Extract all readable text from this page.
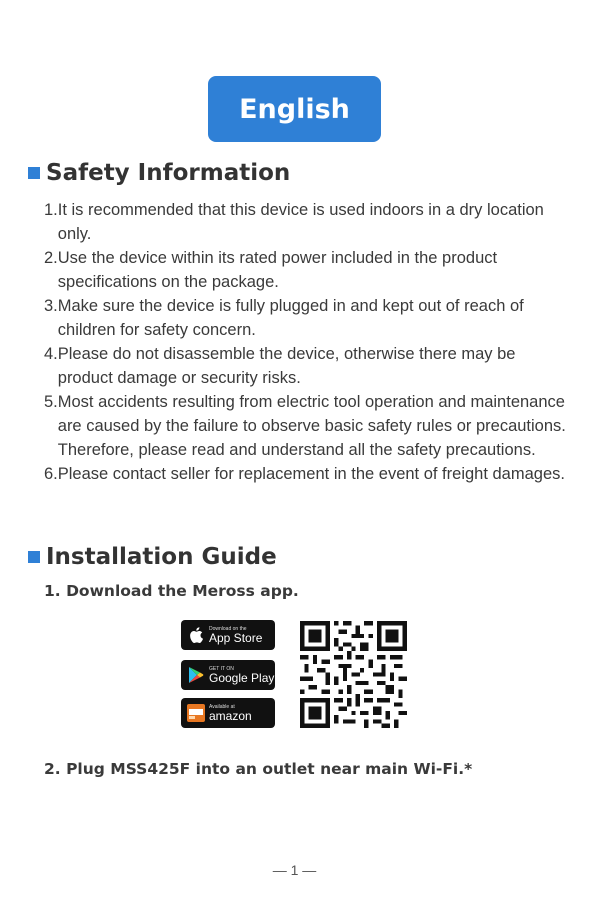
English
Safety Information
1. It is recommended that this device is used indoors in a dry location only.
2. Use the device within its rated power included in the product specifications on the package.
3. Make sure the device is fully plugged in and kept out of reach of children for safety concern.
4. Please do not disassemble the device, otherwise there may be product damage or security risks.
5. Most accidents resulting from electric tool operation and maintenance are caused by the failure to observe basic safety rules or precautions. Therefore, please read and understand all the safety precautions.
6. Please contact seller for replacement in the event of freight damages.
Installation Guide
1. Download the Meross app.
Download on the
App Store
GET IT ON
Google Play
Available at
amazon
2. Plug MSS425F into an outlet near main Wi-Fi.*
— 1 —
